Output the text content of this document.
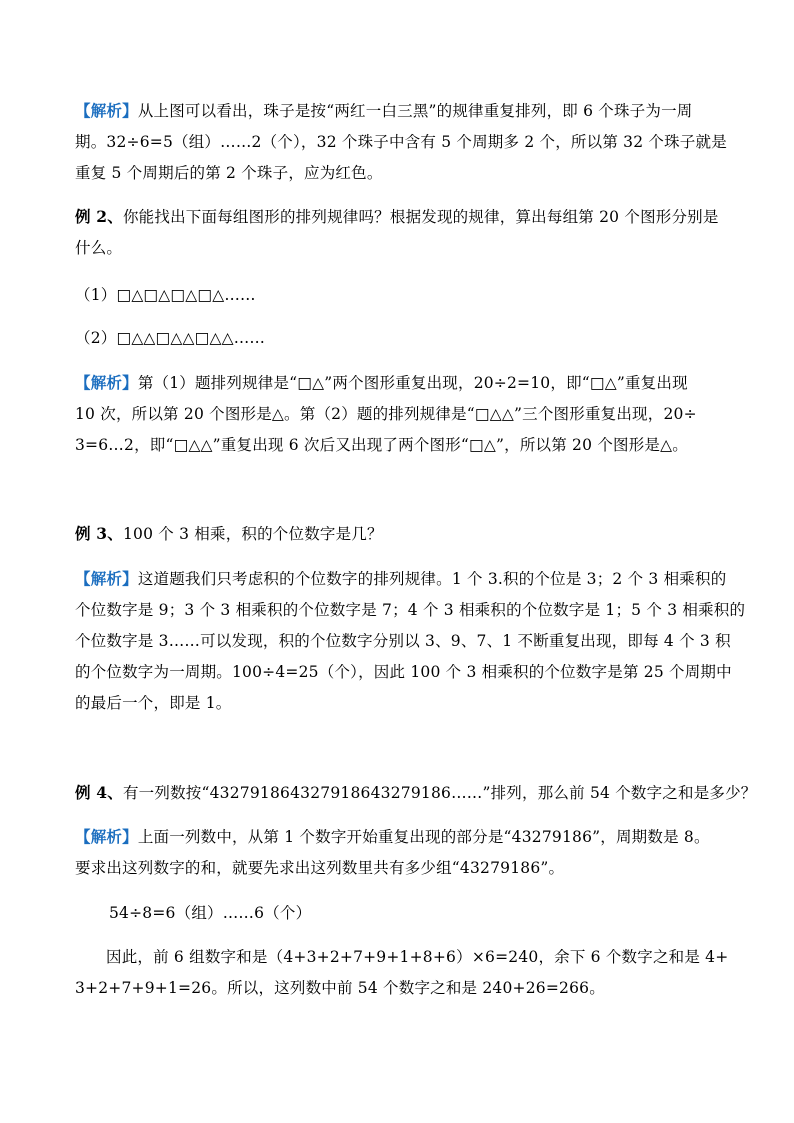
【解析】从上图可以看出，珠子是按“两红一白三黑”的规律重复排列，即 6 个珠子为一周
期。32÷6=5（组）……2（个），32 个珠子中含有 5 个周期多 2 个，所以第 32 个珠子就是
重复 5 个周期后的第 2 个珠子，应为红色。
例 2、你能找出下面每组图形的排列规律吗？根据发现的规律，算出每组第 20 个图形分别是
什么。
（1）□△□△□△□△……
（2）□△△□△△□△△……
【解析】第（1）题排列规律是“□△”两个图形重复出现，20÷2=10，即“□△”重复出现
10 次，所以第 20 个图形是△。第（2）题的排列规律是“□△△”三个图形重复出现，20÷
3=6…2，即“□△△”重复出现 6 次后又出现了两个图形“□△”，所以第 20 个图形是△。
例 3、100 个 3 相乘，积的个位数字是几？
【解析】这道题我们只考虑积的个位数字的排列规律。1 个 3.积的个位是 3；2 个 3 相乘积的
个位数字是 9；3 个 3 相乘积的个位数字是 7；4 个 3 相乘积的个位数字是 1；5 个 3 相乘积的
个位数字是 3……可以发现，积的个位数字分别以 3、9、7、1 不断重复出现，即每 4 个 3 积
的个位数字为一周期。100÷4=25（个），因此 100 个 3 相乘积的个位数字是第 25 个周期中
的最后一个，即是 1。
例 4、有一列数按“432791864327918643279186……”排列，那么前 54 个数字之和是多少？
【解析】上面一列数中，从第 1 个数字开始重复出现的部分是“43279186”，周期数是 8。
要求出这列数字的和，就要先求出这列数里共有多少组“43279186”。
54÷8=6（组）……6（个）
因此，前 6 组数字和是（4+3+2+7+9+1+8+6）×6=240，余下 6 个数字之和是 4+
3+2+7+9+1=26。所以，这列数中前 54 个数字之和是 240+26=266。
